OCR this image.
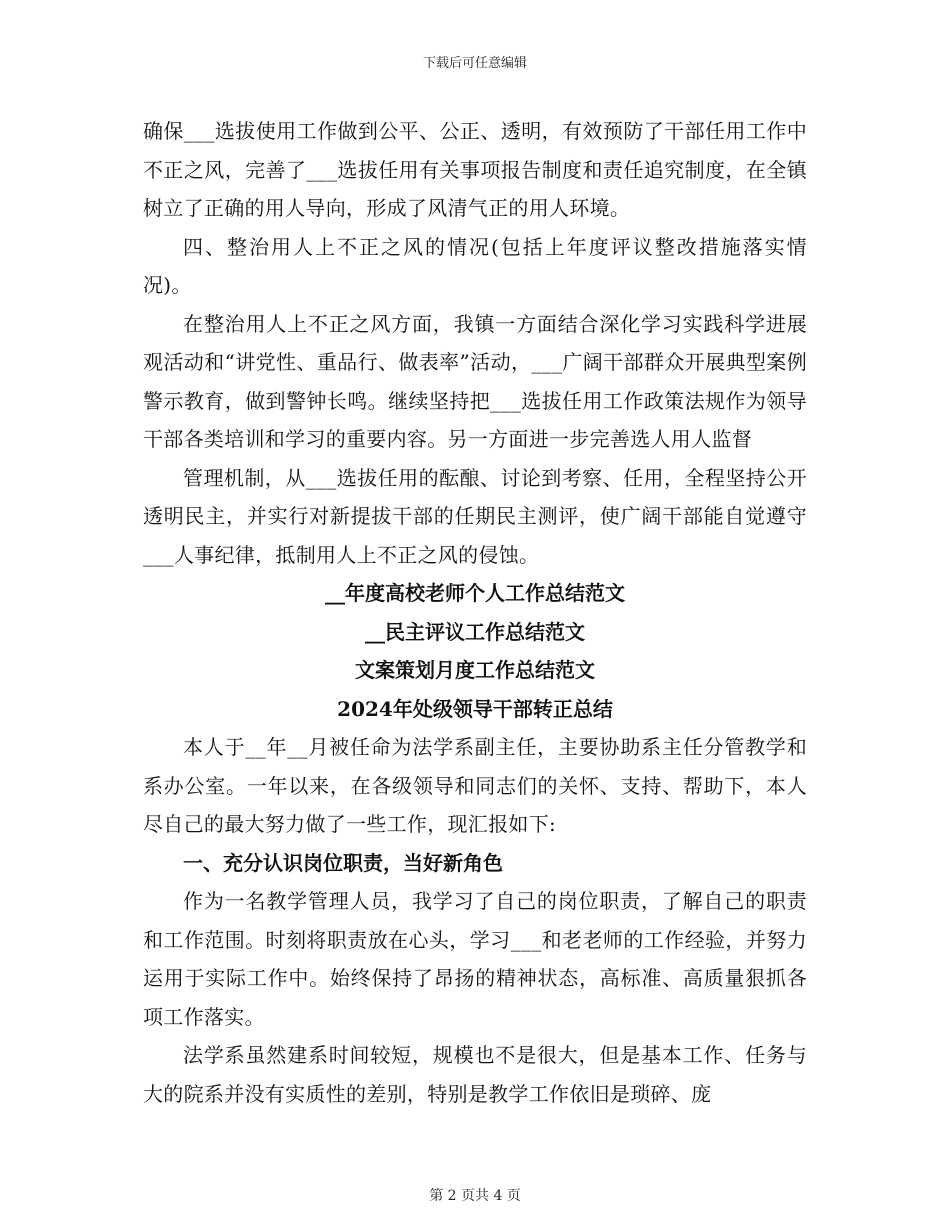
下载后可任意编辑

确保___选拔使用工作做到公平、公正、透明，有效预防了干部任用工作中不正之风，完善了___选拔任用有关事项报告制度和责任追究制度，在全镇树立了正确的用人导向，形成了风清气正的用人环境。

四、整治用人上不正之风的情况(包括上年度评议整改措施落实情况)。

在整治用人上不正之风方面，我镇一方面结合深化学习实践科学进展观活动和“讲党性、重品行、做表率”活动，___广阔干部群众开展典型案例警示教育，做到警钟长鸣。继续坚持把___选拔任用工作政策法规作为领导干部各类培训和学习的重要内容。另一方面进一步完善选人用人监督

管理机制，从___选拔任用的酝酿、讨论到考察、任用，全程坚持公开透明民主，并实行对新提拔干部的任期民主测评，使广阔干部能自觉遵守___人事纪律，抵制用人上不正之风的侵蚀。

__年度高校老师个人工作总结范文

__民主评议工作总结范文

文案策划月度工作总结范文

2024年处级领导干部转正总结

本人于__年__月被任命为法学系副主任，主要协助系主任分管教学和系办公室。一年以来，在各级领导和同志们的关怀、支持、帮助下，本人尽自己的最大努力做了一些工作，现汇报如下:

一、充分认识岗位职责，当好新角色

作为一名教学管理人员，我学习了自己的岗位职责，了解自己的职责和工作范围。时刻将职责放在心头，学习___和老老师的工作经验，并努力运用于实际工作中。始终保持了昂扬的精神状态，高标准、高质量狠抓各项工作落实。

法学系虽然建系时间较短，规模也不是很大，但是基本工作、任务与大的院系并没有实质性的差别，特别是教学工作依旧是琐碎、庞

第 2 页共 4 页
